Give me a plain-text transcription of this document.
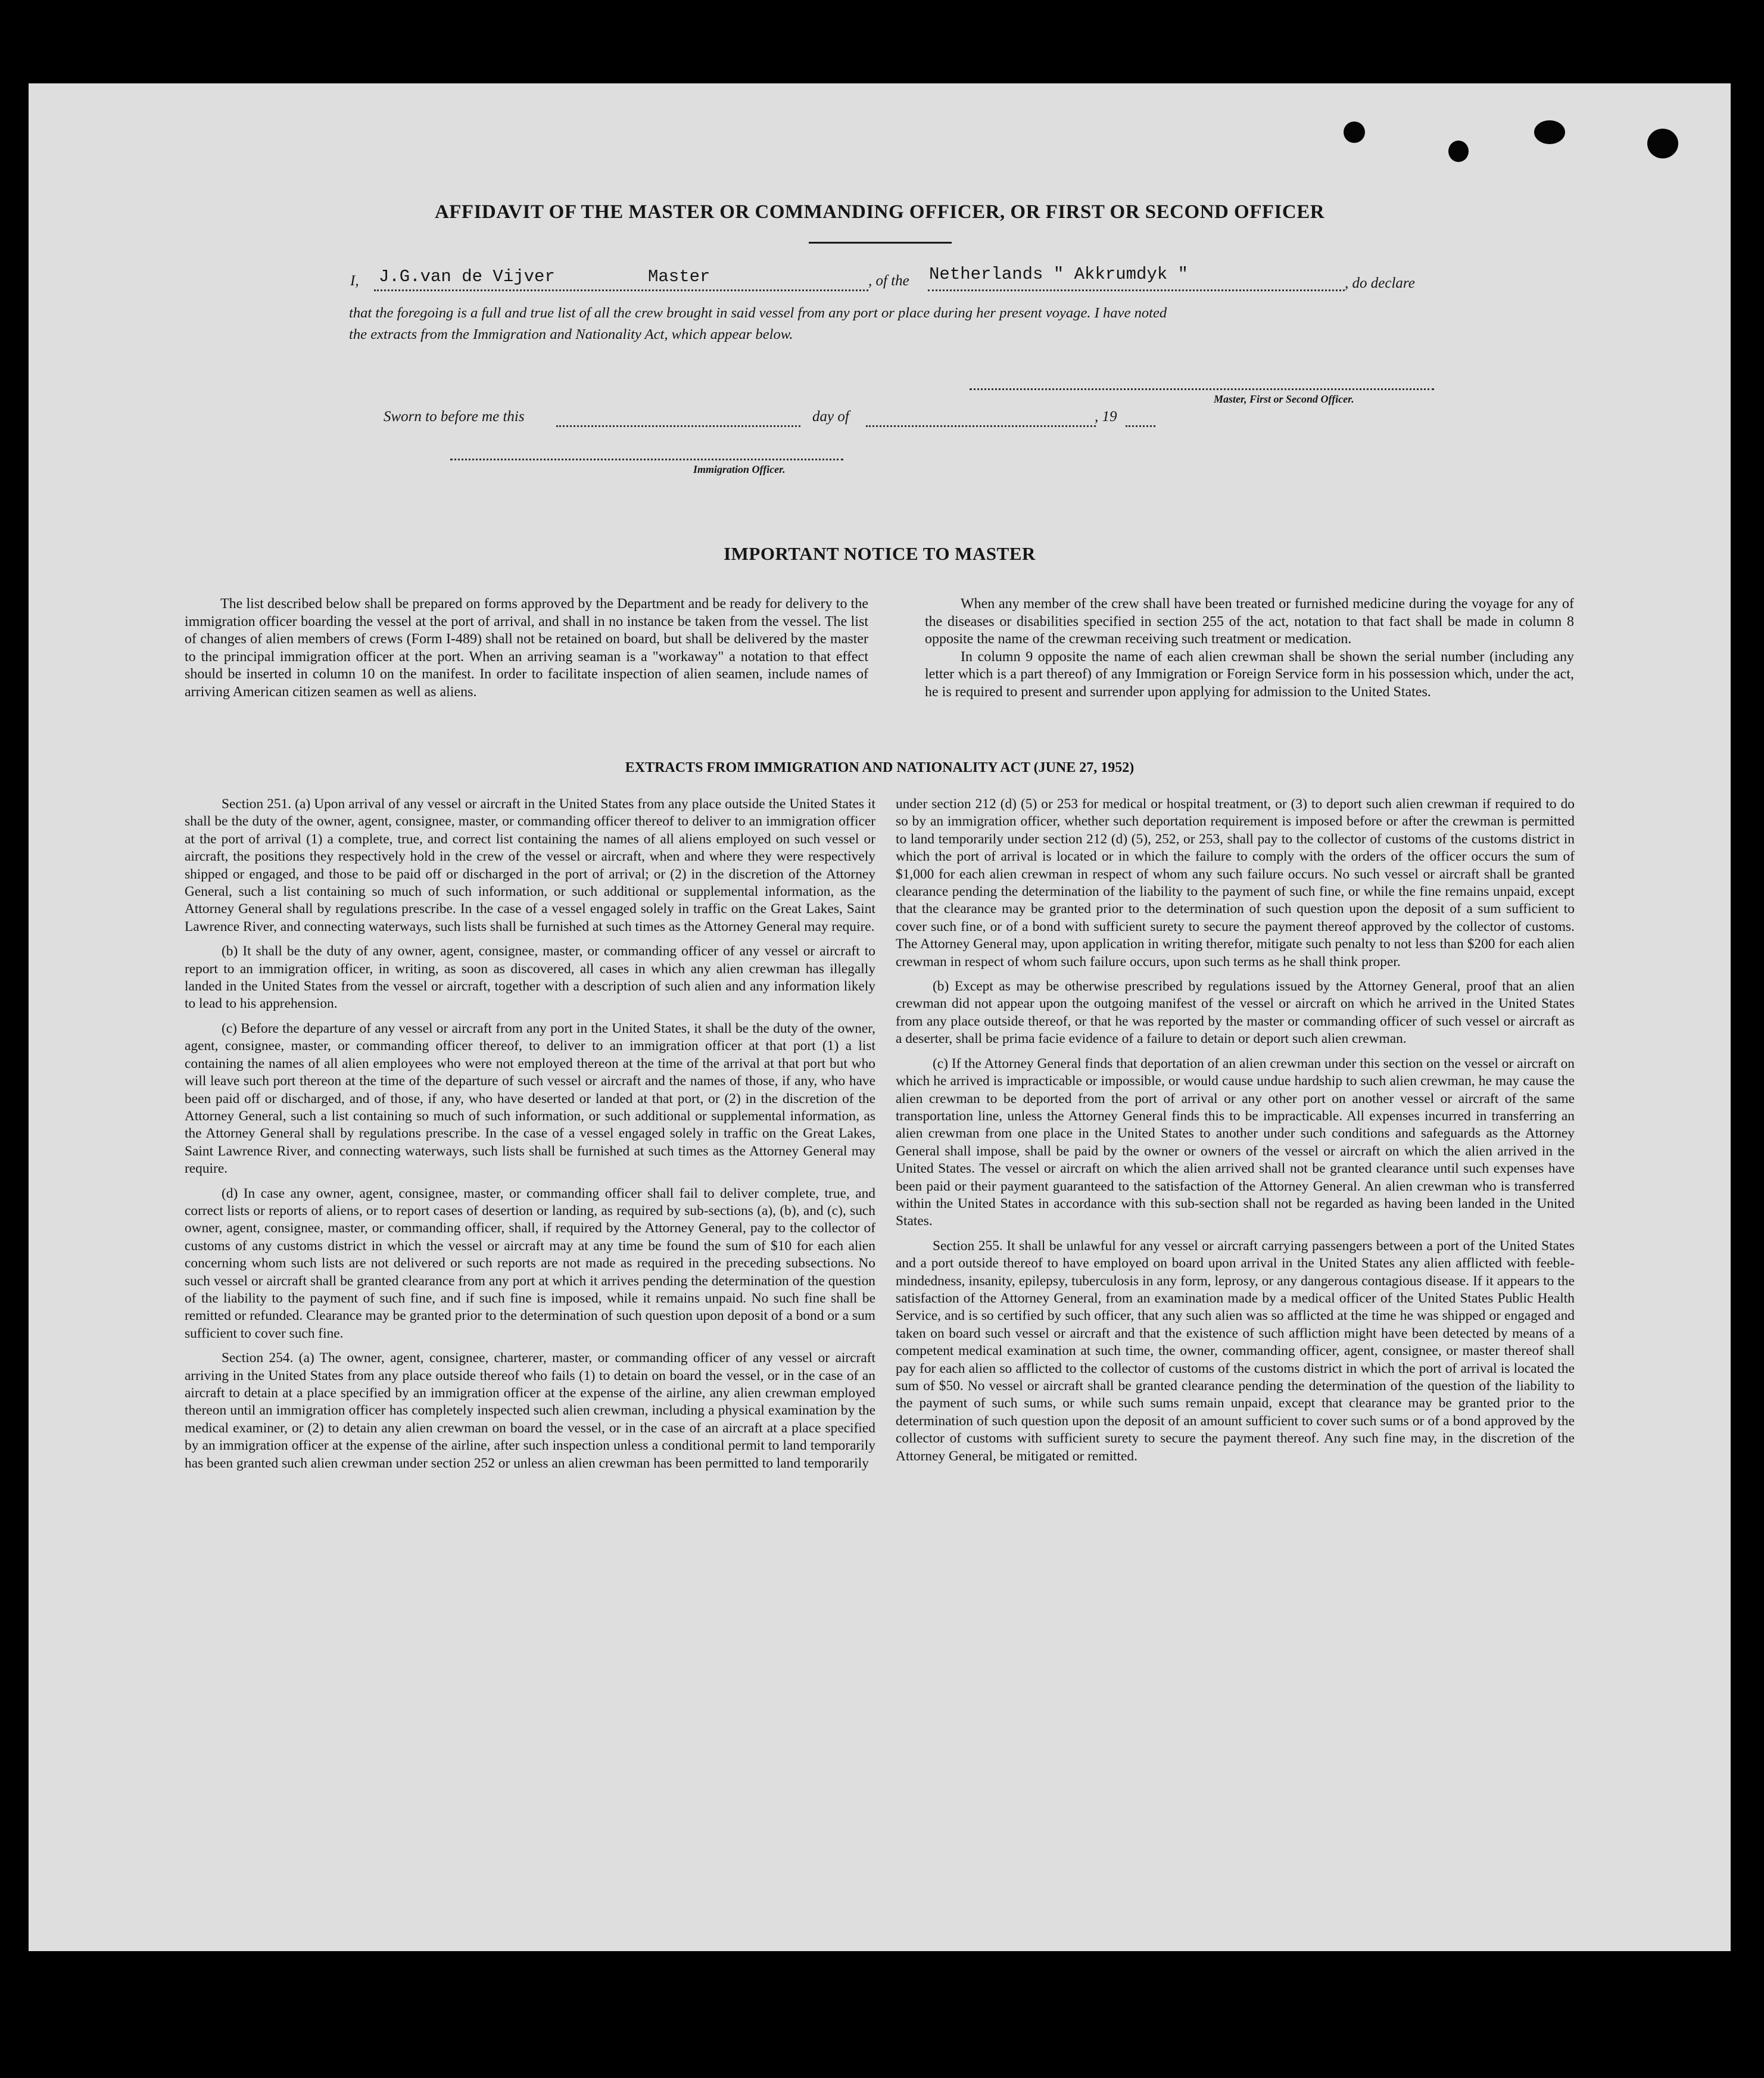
AFFIDAVIT OF THE MASTER OR COMMANDING OFFICER, OR FIRST OR SECOND OFFICER
I, J.G.van de Vijver	Master	, of the Netherlands " Akkrumdyk "	, do declare
that the foregoing is a full and true list of all the crew brought in said vessel from any port or place during her present voyage. I have noted
the extracts from the Immigration and Nationality Act, which appear below.
Master, First or Second Officer.
Sworn to before me this	day of	, 19
Immigration Officer.
IMPORTANT NOTICE TO MASTER

The list described below shall be prepared on forms approved by the Department and be ready for delivery to the immigration officer boarding the vessel at the port of arrival, and shall in no instance be taken from the vessel. The list of changes of alien members of crews (Form I-489) shall not be retained on board, but shall be delivered by the master to the principal immigration officer at the port. When an arriving seaman is a "workaway" a notation to that effect should be inserted in column 10 on the manifest. In order to facilitate inspection of alien seamen, include names of arriving American citizen seamen as well as aliens.

When any member of the crew shall have been treated or furnished medicine during the voyage for any of the diseases or disabilities specified in section 255 of the act, notation to that fact shall be made in column 8 opposite the name of the crewman receiving such treatment or medication.

In column 9 opposite the name of each alien crewman shall be shown the serial number (including any letter which is a part thereof) of any Immigration or Foreign Service form in his possession which, under the act, he is required to present and surrender upon applying for admission to the United States.

EXTRACTS FROM IMMIGRATION AND NATIONALITY ACT (JUNE 27, 1952)

Section 251. (a) Upon arrival of any vessel or aircraft in the United States from any place outside the United States it shall be the duty of the owner, agent, consignee, master, or commanding officer thereof to deliver to an immigration officer at the port of arrival (1) a complete, true, and correct list containing the names of all aliens employed on such vessel or aircraft, the positions they respectively hold in the crew of the vessel or aircraft, when and where they were respectively shipped or engaged, and those to be paid off or discharged in the port of arrival; or (2) in the discretion of the Attorney General, such a list containing so much of such information, or such additional or supplemental information, as the Attorney General shall by regulations prescribe. In the case of a vessel engaged solely in traffic on the Great Lakes, Saint Lawrence River, and connecting waterways, such lists shall be furnished at such times as the Attorney General may require.

(b) It shall be the duty of any owner, agent, consignee, master, or commanding officer of any vessel or aircraft to report to an immigration officer, in writing, as soon as discovered, all cases in which any alien crewman has illegally landed in the United States from the vessel or aircraft, together with a description of such alien and any information likely to lead to his apprehension.

(c) Before the departure of any vessel or aircraft from any port in the United States, it shall be the duty of the owner, agent, consignee, master, or commanding officer thereof, to deliver to an immigration officer at that port (1) a list containing the names of all alien employees who were not employed thereon at the time of the arrival at that port but who will leave such port thereon at the time of the departure of such vessel or aircraft and the names of those, if any, who have been paid off or discharged, and of those, if any, who have deserted or landed at that port, or (2) in the discretion of the Attorney General, such a list containing so much of such information, or such additional or supplemental information, as the Attorney General shall by regulations prescribe. In the case of a vessel engaged solely in traffic on the Great Lakes, Saint Lawrence River, and connecting waterways, such lists shall be furnished at such times as the Attorney General may require.

(d) In case any owner, agent, consignee, master, or commanding officer shall fail to deliver complete, true, and correct lists or reports of aliens, or to report cases of desertion or landing, as required by sub-sections (a), (b), and (c), such owner, agent, consignee, master, or commanding officer, shall, if required by the Attorney General, pay to the collector of customs of any customs district in which the vessel or aircraft may at any time be found the sum of $10 for each alien concerning whom such lists are not delivered or such reports are not made as required in the preceding subsections. No such vessel or aircraft shall be granted clearance from any port at which it arrives pending the determination of the question of the liability to the payment of such fine, and if such fine is imposed, while it remains unpaid. No such fine shall be remitted or refunded. Clearance may be granted prior to the determination of such question upon deposit of a bond or a sum sufficient to cover such fine.

Section 254. (a) The owner, agent, consignee, charterer, master, or commanding officer of any vessel or aircraft arriving in the United States from any place outside thereof who fails (1) to detain on board the vessel, or in the case of an aircraft to detain at a place specified by an immigration officer at the expense of the airline, any alien crewman employed thereon until an immigration officer has completely inspected such alien crewman, including a physical examination by the medical examiner, or (2) to detain any alien crewman on board the vessel, or in the case of an aircraft at a place specified by an immigration officer at the expense of the airline, after such inspection unless a conditional permit to land temporarily has been granted such alien crewman under section 252 or unless an alien crewman has been permitted to land temporarily

under section 212 (d) (5) or 253 for medical or hospital treatment, or (3) to deport such alien crewman if required to do so by an immigration officer, whether such deportation requirement is imposed before or after the crewman is permitted to land temporarily under section 212 (d) (5), 252, or 253, shall pay to the collector of customs of the customs district in which the port of arrival is located or in which the failure to comply with the orders of the officer occurs the sum of $1,000 for each alien crewman in respect of whom any such failure occurs. No such vessel or aircraft shall be granted clearance pending the determination of the liability to the payment of such fine, or while the fine remains unpaid, except that the clearance may be granted prior to the determination of such question upon the deposit of a sum sufficient to cover such fine, or of a bond with sufficient surety to secure the payment thereof approved by the collector of customs. The Attorney General may, upon application in writing therefor, mitigate such penalty to not less than $200 for each alien crewman in respect of whom such failure occurs, upon such terms as he shall think proper.

(b) Except as may be otherwise prescribed by regulations issued by the Attorney General, proof that an alien crewman did not appear upon the outgoing manifest of the vessel or aircraft on which he arrived in the United States from any place outside thereof, or that he was reported by the master or commanding officer of such vessel or aircraft as a deserter, shall be prima facie evidence of a failure to detain or deport such alien crewman.

(c) If the Attorney General finds that deportation of an alien crewman under this section on the vessel or aircraft on which he arrived is impracticable or impossible, or would cause undue hardship to such alien crewman, he may cause the alien crewman to be deported from the port of arrival or any other port on another vessel or aircraft of the same transportation line, unless the Attorney General finds this to be impracticable. All expenses incurred in transferring an alien crewman from one place in the United States to another under such conditions and safeguards as the Attorney General shall impose, shall be paid by the owner or owners of the vessel or aircraft on which the alien arrived in the United States. The vessel or aircraft on which the alien arrived shall not be granted clearance until such expenses have been paid or their payment guaranteed to the satisfaction of the Attorney General. An alien crewman who is transferred within the United States in accordance with this sub-section shall not be regarded as having been landed in the United States.

Section 255. It shall be unlawful for any vessel or aircraft carrying passengers between a port of the United States and a port outside thereof to have employed on board upon arrival in the United States any alien afflicted with feeble-mindedness, insanity, epilepsy, tuberculosis in any form, leprosy, or any dangerous contagious disease. If it appears to the satisfaction of the Attorney General, from an examination made by a medical officer of the United States Public Health Service, and is so certified by such officer, that any such alien was so afflicted at the time he was shipped or engaged and taken on board such vessel or aircraft and that the existence of such affliction might have been detected by means of a competent medical examination at such time, the owner, commanding officer, agent, consignee, or master thereof shall pay for each alien so afflicted to the collector of customs of the customs district in which the port of arrival is located the sum of $50. No vessel or aircraft shall be granted clearance pending the determination of the question of the liability to the payment of such sums, or while such sums remain unpaid, except that clearance may be granted prior to the determination of such question upon the deposit of an amount sufficient to cover such sums or of a bond approved by the collector of customs with sufficient surety to secure the payment thereof. Any such fine may, in the discretion of the Attorney General, be mitigated or remitted.
